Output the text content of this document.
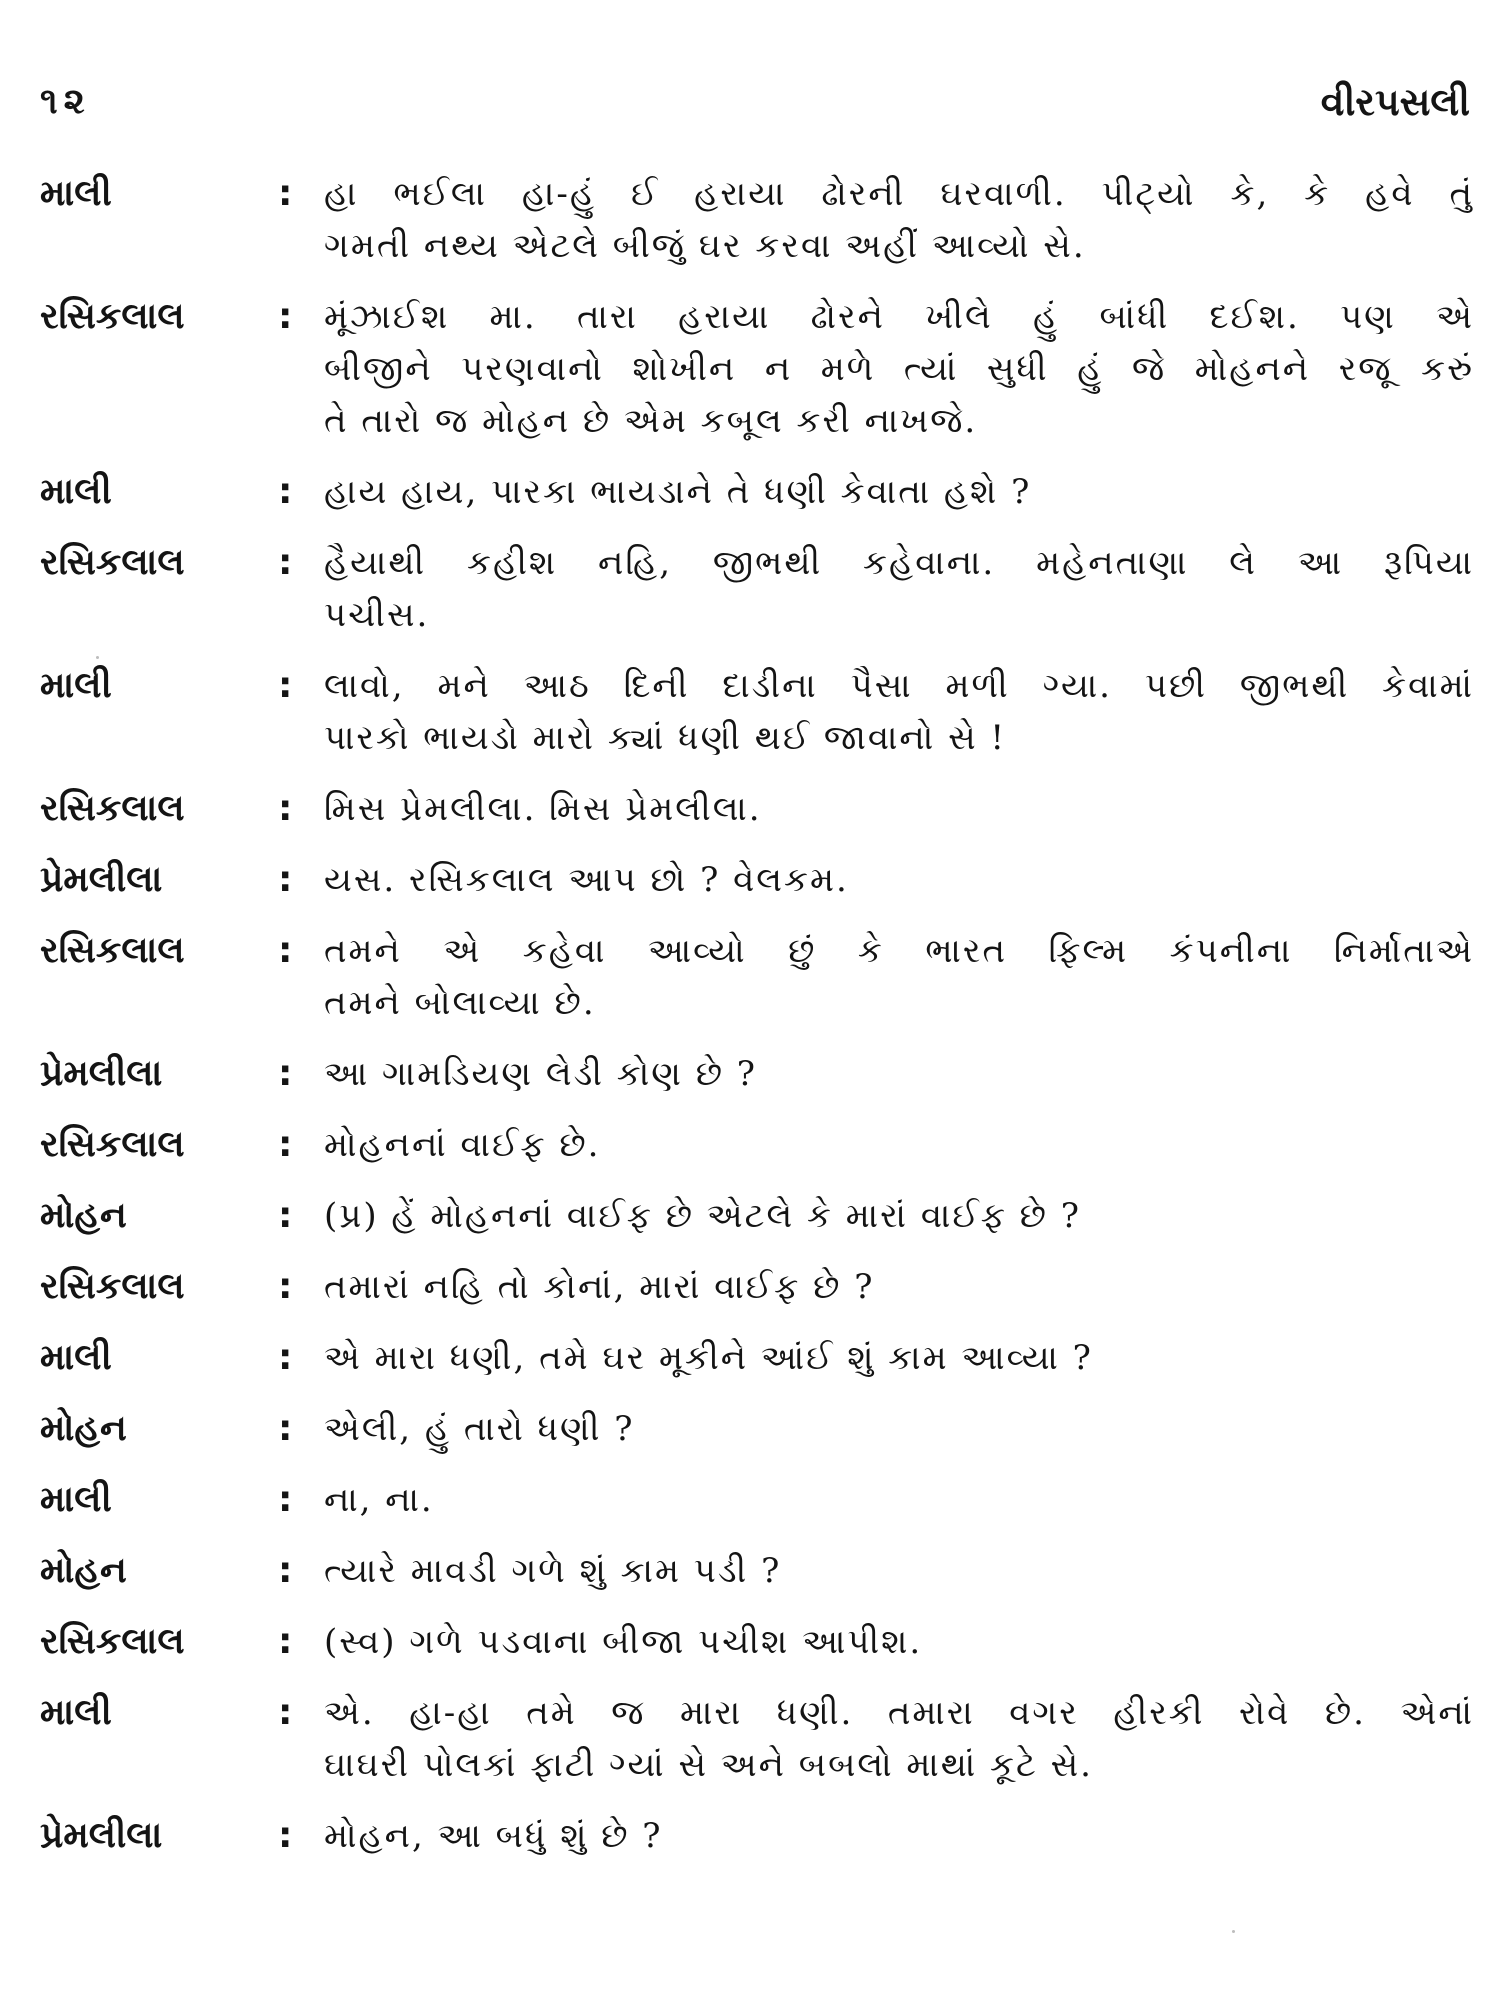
૧૨	વીરપસલી
માલી	: હા ભઈલા હા-હું ઈ હરાયા ઢોરની ઘરવાળી. પીટ્યો કે, કે હવે તું
ગમતી નથ્ય એટલે બીજું ઘર કરવા અહીં આવ્યો સે.
રસિકલાલ	: મૂંઝાઈશ મા. તારા હરાયા ઢોરને ખીલે હું બાંધી દઈશ. પણ એ
બીજીને પરણવાનો શોખીન ન મળે ત્યાં સુધી હું જે મોહનને રજૂ કરું
તે તારો જ મોહન છે એમ કબૂલ કરી નાખજે.
માલી	: હાય હાય, પારકા ભાયડાને તે ધણી કેવાતા હશે ?
રસિકલાલ	: હૈયાથી કહીશ નહિ, જીભથી કહેવાના. મહેનતાણા લે આ રૂપિયા
પચીસ.
માલી	: લાવો, મને આઠ દિની દાડીના પૈસા મળી ગ્યા. પછી જીભથી કેવામાં
પારકો ભાયડો મારો ક્યાં ધણી થઈ જાવાનો સે !
રસિકલાલ	: મિસ પ્રેમલીલા. મિસ પ્રેમલીલા.
પ્રેમલીલા	: યસ. રસિકલાલ આપ છો ? વેલકમ.
રસિકલાલ	: તમને એ કહેવા આવ્યો છું કે ભારત ફિલ્મ કંપનીના નિર્માતાએ
તમને બોલાવ્યા છે.
પ્રેમલીલા	: આ ગામડિયણ લેડી કોણ છે ?
રસિકલાલ	: મોહનનાં વાઈફ છે.
મોહન	: (પ્ર) હેં મોહનનાં વાઈફ છે એટલે કે મારાં વાઈફ છે ?
રસિકલાલ	: તમારાં નહિ તો કોનાં, મારાં વાઈફ છે ?
માલી	: એ મારા ધણી, તમે ઘર મૂકીને આંઈ શું કામ આવ્યા ?
મોહન	: એલી, હું તારો ધણી ?
માલી	: ના, ના.
મોહન	: ત્યારે માવડી ગળે શું કામ પડી ?
રસિકલાલ	: (સ્વ) ગળે પડવાના બીજા પચીશ આપીશ.
માલી	: એ. હા-હા તમે જ મારા ધણી. તમારા વગર હીરકી રોવે છે. એનાં
ઘાઘરી પોલકાં ફાટી ગ્યાં સે અને બબલો માથાં કૂટે સે.
પ્રેમલીલા	: મોહન, આ બધું શું છે ?
